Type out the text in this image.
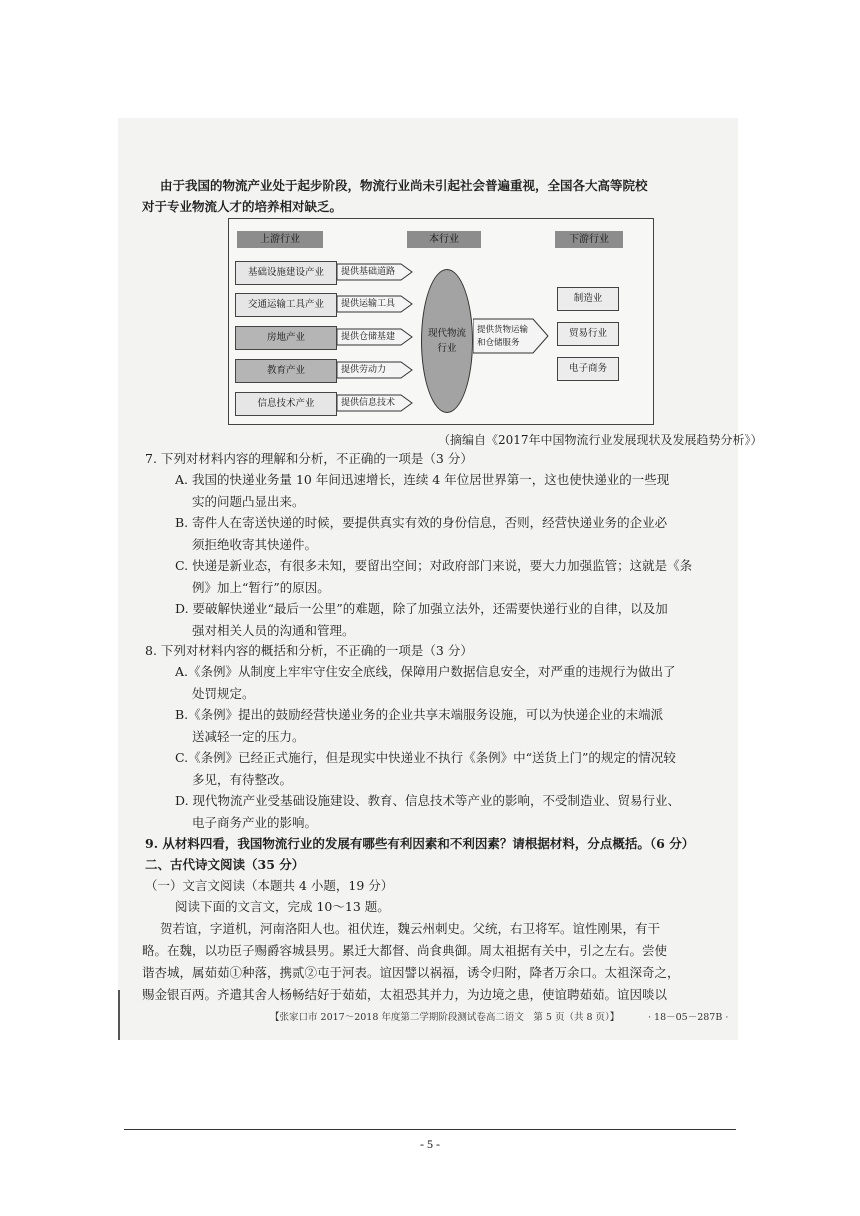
由于我国的物流产业处于起步阶段，物流行业尚未引起社会普遍重视，全国各大高等院校
对于专业物流人才的培养相对缺乏。
上游行业	本行业	下游行业
基础设施建设产业
交通运输工具产业
房地产业
教育产业
信息技术产业
提供基础道路
提供运输工具
提供仓储基建
提供劳动力
提供信息技术
现代物流
行业
提供货物运输
和仓储服务
制造业
贸易行业
电子商务
（摘编自《2017年中国物流行业发展现状及发展趋势分析》）
7. 下列对材料内容的理解和分析，不正确的一项是（3 分）
A. 我国的快递业务量 10 年间迅速增长，连续 4 年位居世界第一，这也使快递业的一些现
实的问题凸显出来。
B. 寄件人在寄送快递的时候，要提供真实有效的身份信息，否则，经营快递业务的企业必
须拒绝收寄其快递件。
C. 快递是新业态，有很多未知，要留出空间；对政府部门来说，要大力加强监管；这就是《条
例》加上“暂行”的原因。
D. 要破解快递业“最后一公里”的难题，除了加强立法外，还需要快递行业的自律，以及加
强对相关人员的沟通和管理。
8. 下列对材料内容的概括和分析，不正确的一项是（3 分）
A.《条例》从制度上牢牢守住安全底线，保障用户数据信息安全，对严重的违规行为做出了
处罚规定。
B.《条例》提出的鼓励经营快递业务的企业共享末端服务设施，可以为快递企业的末端派
送减轻一定的压力。
C.《条例》已经正式施行，但是现实中快递业不执行《条例》中“送货上门”的规定的情况较
多见，有待整改。
D. 现代物流产业受基础设施建设、教育、信息技术等产业的影响，不受制造业、贸易行业、
电子商务产业的影响。
9. 从材料四看，我国物流行业的发展有哪些有利因素和不利因素？请根据材料，分点概括。（6 分）
二、古代诗文阅读（35 分）
（一）文言文阅读（本题共 4 小题，19 分）
阅读下面的文言文，完成 10～13 题。
贺若谊，字道机，河南洛阳人也。祖伏连，魏云州刺史。父统，右卫将军。谊性刚果，有干
略。在魏，以功臣子赐爵容城县男。累迁大都督、尚食典御。周太祖据有关中，引之左右。尝使
谐杏城，属茹茹①种落，携贰②屯于河表。谊因譬以祸福，诱令归附，降者万余口。太祖深奇之，
赐金银百两。齐遣其舍人杨畅结好于茹茹，太祖恐其并力，为边境之患，使谊聘茹茹。谊因啖以
【张家口市 2017～2018 年度第二学期阶段测试卷高二语文　第 5 页（共 8 页）】	· 18－05－287B ·
- 5 -
